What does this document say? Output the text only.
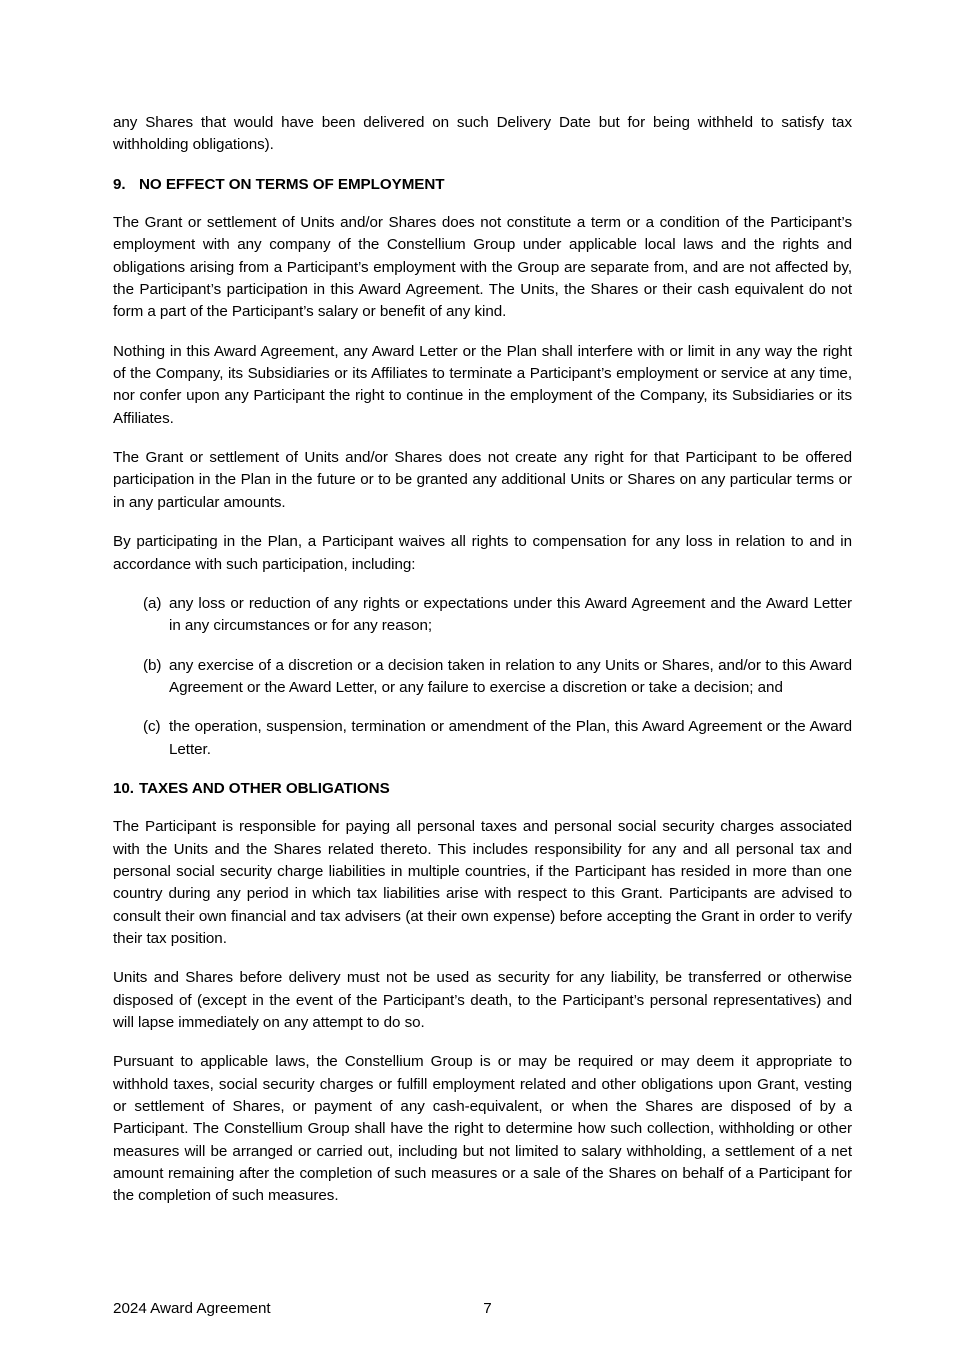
any Shares that would have been delivered on such Delivery Date but for being withheld to satisfy tax withholding obligations).

9. NO EFFECT ON TERMS OF EMPLOYMENT

The Grant or settlement of Units and/or Shares does not constitute a term or a condition of the Participant’s employment with any company of the Constellium Group under applicable local laws and the rights and obligations arising from a Participant’s employment with the Group are separate from, and are not affected by, the Participant’s participation in this Award Agreement. The Units, the Shares or their cash equivalent do not form a part of the Participant’s salary or benefit of any kind.

Nothing in this Award Agreement, any Award Letter or the Plan shall interfere with or limit in any way the right of the Company, its Subsidiaries or its Affiliates to terminate a Participant’s employment or service at any time, nor confer upon any Participant the right to continue in the employment of the Company, its Subsidiaries or its Affiliates.

The Grant or settlement of Units and/or Shares does not create any right for that Participant to be offered participation in the Plan in the future or to be granted any additional Units or Shares on any particular terms or in any particular amounts.

By participating in the Plan, a Participant waives all rights to compensation for any loss in relation to and in accordance with such participation, including:

(a) any loss or reduction of any rights or expectations under this Award Agreement and the Award Letter in any circumstances or for any reason;
(b) any exercise of a discretion or a decision taken in relation to any Units or Shares, and/or to this Award Agreement or the Award Letter, or any failure to exercise a discretion or take a decision; and
(c) the operation, suspension, termination or amendment of the Plan, this Award Agreement or the Award Letter.
10. TAXES AND OTHER OBLIGATIONS

The Participant is responsible for paying all personal taxes and personal social security charges associated with the Units and the Shares related thereto. This includes responsibility for any and all personal tax and personal social security charge liabilities in multiple countries, if the Participant has resided in more than one country during any period in which tax liabilities arise with respect to this Grant. Participants are advised to consult their own financial and tax advisers (at their own expense) before accepting the Grant in order to verify their tax position.

Units and Shares before delivery must not be used as security for any liability, be transferred or otherwise disposed of (except in the event of the Participant’s death, to the Participant’s personal representatives) and will lapse immediately on any attempt to do so.

Pursuant to applicable laws, the Constellium Group is or may be required or may deem it appropriate to withhold taxes, social security charges or fulfill employment related and other obligations upon Grant, vesting or settlement of Shares, or payment of any cash-equivalent, or when the Shares are disposed of by a Participant. The Constellium Group shall have the right to determine how such collection, withholding or other measures will be arranged or carried out, including but not limited to salary withholding, a settlement of a net amount remaining after the completion of such measures or a sale of the Shares on behalf of a Participant for the completion of such measures.

2024 Award Agreement	7
